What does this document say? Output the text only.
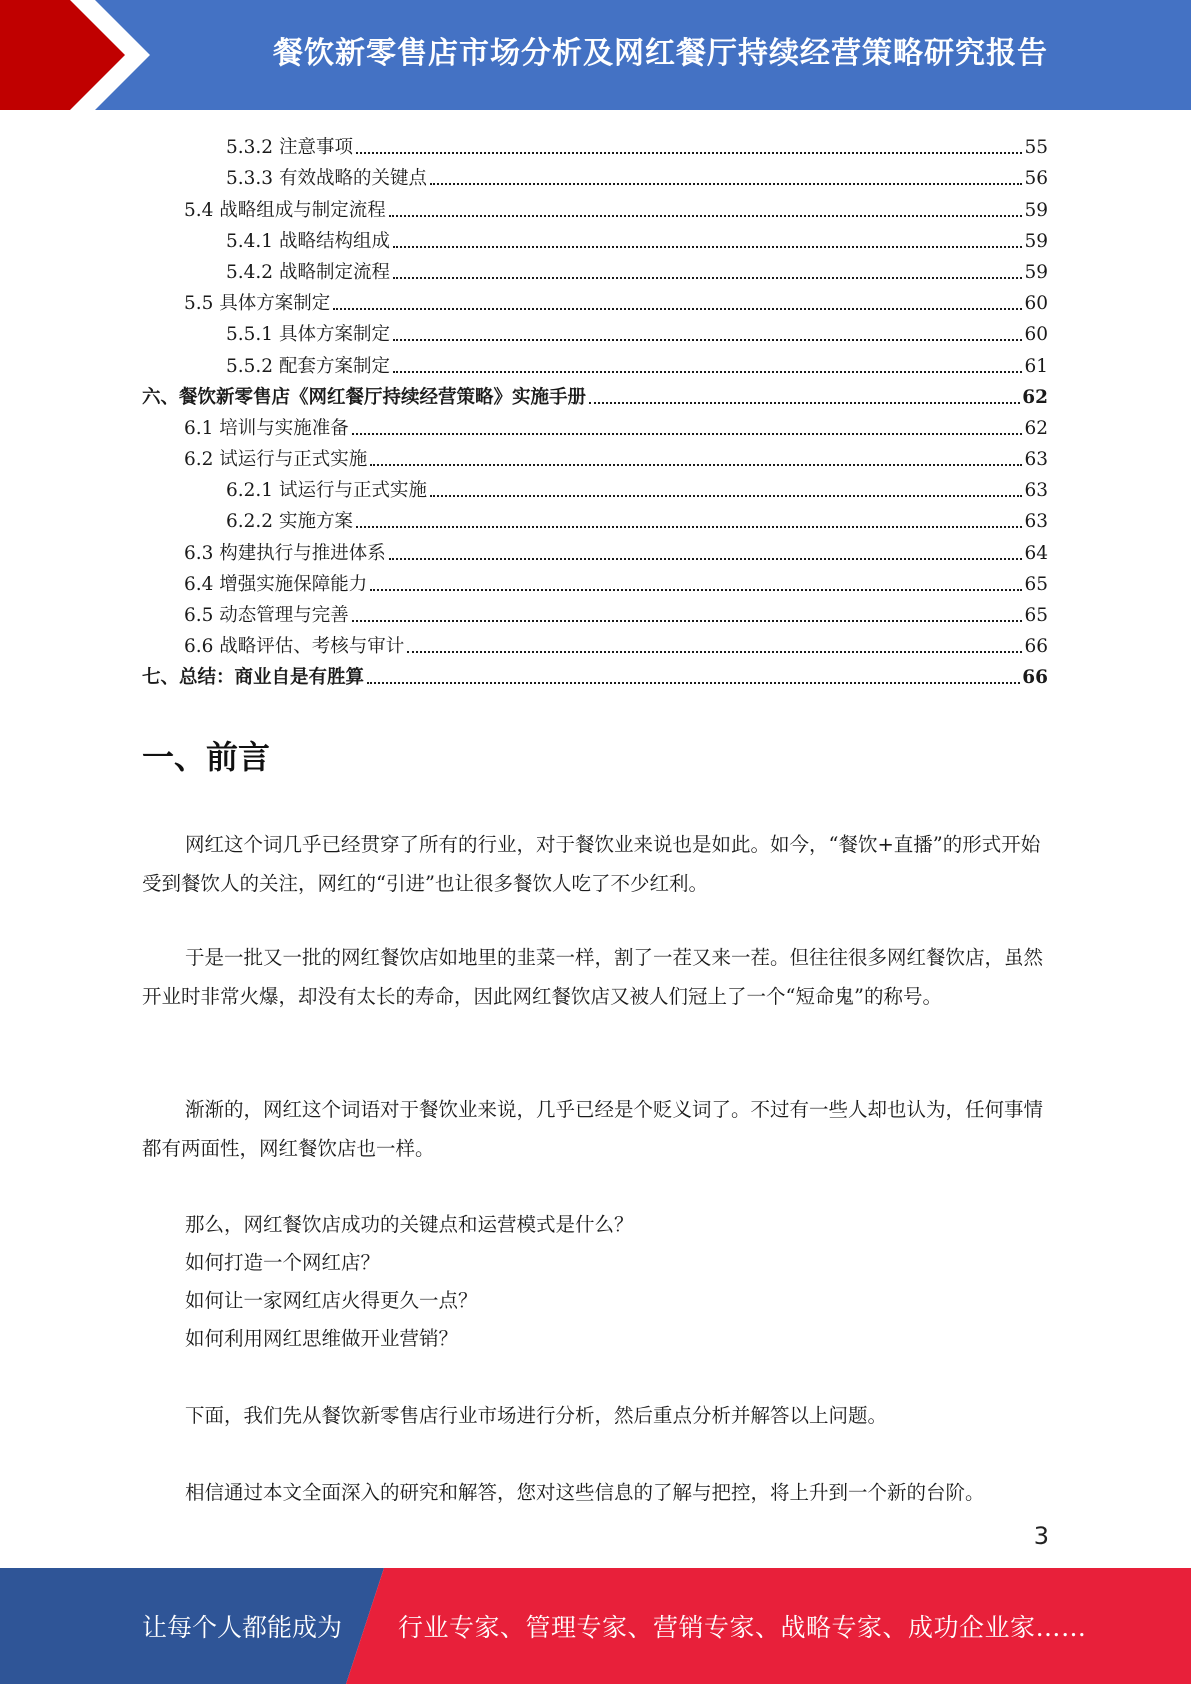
餐饮新零售店市场分析及网红餐厅持续经营策略研究报告
5.3.2 注意事项	55
5.3.3 有效战略的关键点	56
5.4 战略组成与制定流程	59
5.4.1 战略结构组成	59
5.4.2 战略制定流程	59
5.5 具体方案制定	60
5.5.1 具体方案制定	60
5.5.2 配套方案制定	61
六、餐饮新零售店《网红餐厅持续经营策略》实施手册	62
6.1 培训与实施准备	62
6.2 试运行与正式实施	63
6.2.1 试运行与正式实施	63
6.2.2 实施方案	63
6.3 构建执行与推进体系	64
6.4 增强实施保障能力	65
6.5 动态管理与完善	65
6.6 战略评估、考核与审计	66
七、总结：商业自是有胜算	66
一、前言
网红这个词几乎已经贯穿了所有的行业，对于餐饮业来说也是如此。如今，“餐饮+直播”的形式开始受到餐饮人的关注，网红的“引进”也让很多餐饮人吃了不少红利。
于是一批又一批的网红餐饮店如地里的韭菜一样，割了一茬又来一茬。但往往很多网红餐饮店，虽然开业时非常火爆，却没有太长的寿命，因此网红餐饮店又被人们冠上了一个“短命鬼”的称号。
渐渐的，网红这个词语对于餐饮业来说，几乎已经是个贬义词了。不过有一些人却也认为，任何事情都有两面性，网红餐饮店也一样。
那么，网红餐饮店成功的关键点和运营模式是什么？
如何打造一个网红店？
如何让一家网红店火得更久一点？
如何利用网红思维做开业营销？
下面，我们先从餐饮新零售店行业市场进行分析，然后重点分析并解答以上问题。
相信通过本文全面深入的研究和解答，您对这些信息的了解与把控，将上升到一个新的台阶。
3
让每个人都能成为 行业专家、管理专家、营销专家、战略专家、成功企业家……
